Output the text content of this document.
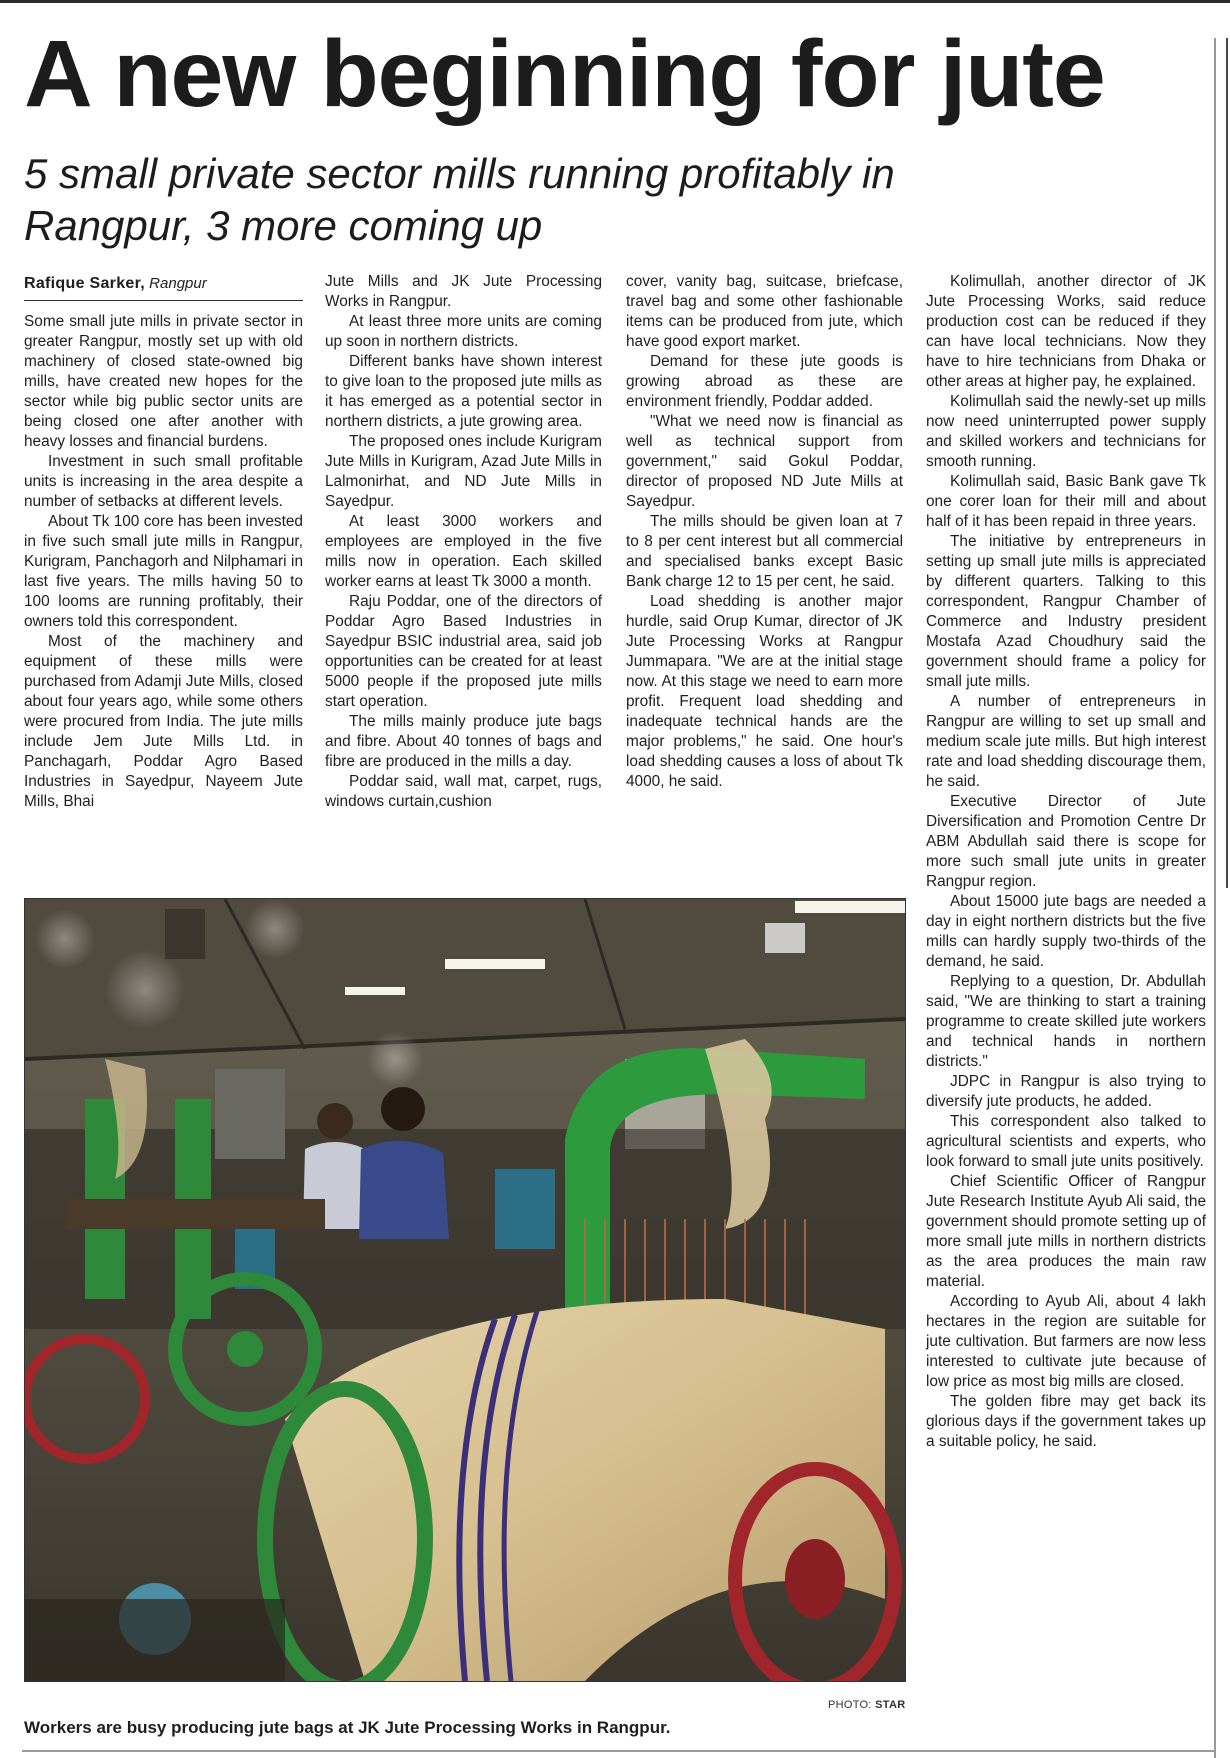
A new beginning for jute
5 small private sector mills running profitably in Rangpur, 3 more coming up
Rafique Sarker, Rangpur

Some small jute mills in private sector in greater Rangpur, mostly set up with old machinery of closed state-owned big mills, have created new hopes for the sector while big public sector units are being closed one after another with heavy losses and financial burdens.

Investment in such small profitable units is increasing in the area despite a number of setbacks at different levels.

About Tk 100 core has been invested in five such small jute mills in Rangpur, Kurigram, Panchagorh and Nilphamari in last five years. The mills having 50 to 100 looms are running profitably, their owners told this correspondent.

Most of the machinery and equipment of these mills were purchased from Adamji Jute Mills, closed about four years ago, while some others were procured from India. The jute mills include Jem Jute Mills Ltd. in Panchagarh, Poddar Agro Based Industries in Sayedpur, Nayeem Jute Mills, Bhai

Jute Mills and JK Jute Processing Works in Rangpur.

At least three more units are coming up soon in northern districts.

Different banks have shown interest to give loan to the proposed jute mills as it has emerged as a potential sector in northern districts, a jute growing area.

The proposed ones include Kurigram Jute Mills in Kurigram, Azad Jute Mills in Lalmonirhat, and ND Jute Mills in Sayedpur.

At least 3000 workers and employees are employed in the five mills now in operation. Each skilled worker earns at least Tk 3000 a month.

Raju Poddar, one of the directors of Poddar Agro Based Industries in Sayedpur BSIC industrial area, said job opportunities can be created for at least 5000 people if the proposed jute mills start operation.

The mills mainly produce jute bags and fibre. About 40 tonnes of bags and fibre are produced in the mills a day.

Poddar said, wall mat, carpet, rugs, windows curtain,cushion

cover, vanity bag, suitcase, briefcase, travel bag and some other fashionable items can be produced from jute, which have good export market.

Demand for these jute goods is growing abroad as these are environment friendly, Poddar added.

"What we need now is financial as well as technical support from government," said Gokul Poddar, director of proposed ND Jute Mills at Sayedpur.

The mills should be given loan at 7 to 8 per cent interest but all commercial and specialised banks except Basic Bank charge 12 to 15 per cent, he said.

Load shedding is another major hurdle, said Orup Kumar, director of JK Jute Processing Works at Rangpur Jummapara. "We are at the initial stage now. At this stage we need to earn more profit. Frequent load shedding and inadequate technical hands are the major problems," he said. One hour's load shedding causes a loss of about Tk 4000, he said.

Kolimullah, another director of JK Jute Processing Works, said reduce production cost can be reduced if they can have local technicians. Now they have to hire technicians from Dhaka or other areas at higher pay, he explained.

Kolimullah said the newly-set up mills now need uninterrupted power supply and skilled workers and technicians for smooth running.

Kolimullah said, Basic Bank gave Tk one corer loan for their mill and about half of it has been repaid in three years.

The initiative by entrepreneurs in setting up small jute mills is appreciated by different quarters. Talking to this correspondent, Rangpur Chamber of Commerce and Industry president Mostafa Azad Choudhury said the government should frame a policy for small jute mills.

A number of entrepreneurs in Rangpur are willing to set up small and medium scale jute mills. But high interest rate and load shedding discourage them, he said.

Executive Director of Jute Diversification and Promotion Centre Dr ABM Abdullah said there is scope for more such small jute units in greater Rangpur region.

About 15000 jute bags are needed a day in eight northern districts but the five mills can hardly supply two-thirds of the demand, he said.

Replying to a question, Dr. Abdullah said, "We are thinking to start a training programme to create skilled jute workers and technical hands in northern districts."

JDPC in Rangpur is also trying to diversify jute products, he added.

This correspondent also talked to agricultural scientists and experts, who look forward to small jute units positively.

Chief Scientific Officer of Rangpur Jute Research Institute Ayub Ali said, the government should promote setting up of more small jute mills in northern districts as the area produces the main raw material.

According to Ayub Ali, about 4 lakh hectares in the region are suitable for jute cultivation. But farmers are now less interested to cultivate jute because of low price as most big mills are closed.

The golden fibre may get back its glorious days if the government takes up a suitable policy, he said.

PHOTO: STAR

Workers are busy producing jute bags at JK Jute Processing Works in Rangpur.
